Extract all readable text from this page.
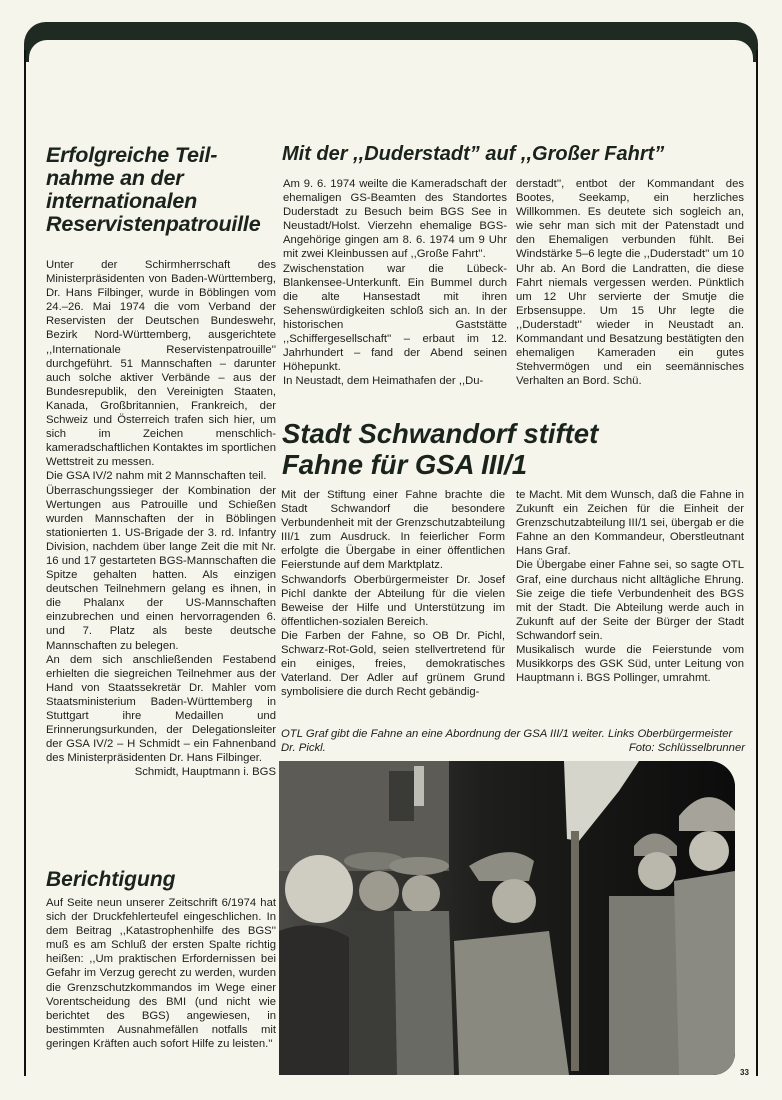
Erfolgreiche Teil-
nahme an der
internationalen
Reservistenpatrouille

Unter der Schirmherrschaft des Ministerpräsidenten von Baden-Württemberg, Dr. Hans Filbinger, wurde in Böblingen vom 24.–26. Mai 1974 die vom Verband der Reservisten der Deutschen Bundeswehr, Bezirk Nord-Württemberg, ausgerichtete ,,Internationale Reservistenpatrouille'' durchgeführt. 51 Mannschaften – darunter auch solche aktiver Verbände – aus der Bundesrepublik, den Vereinigten Staaten, Kanada, Großbritannien, Frankreich, der Schweiz und Österreich trafen sich hier, um sich im Zeichen menschlich-kameradschaftlichen Kontaktes im sportlichen Wettstreit zu messen.

Die GSA IV/2 nahm mit 2 Mannschaften teil.

Überraschungssieger der Kombination der Wertungen aus Patrouille und Schießen wurden Mannschaften der in Böblingen stationierten 1. US-Brigade der 3. rd. Infantry Division, nachdem über lange Zeit die mit Nr. 16 und 17 gestarteten BGS-Mannschaften die Spitze gehalten hatten. Als einzigen deutschen Teilnehmern gelang es ihnen, in die Phalanx der US-Mannschaften einzubrechen und einen hervorragenden 6. und 7. Platz als beste deutsche Mannschaften zu belegen.

An dem sich anschließenden Festabend erhielten die siegreichen Teilnehmer aus der Hand von Staatssekretär Dr. Mahler vom Staatsministerium Baden-Württemberg in Stuttgart ihre Medaillen und Erinnerungsurkunden, der Delegationsleiter der GSA IV/2 – H Schmidt – ein Fahnenband des Ministerpräsidenten Dr. Hans Filbinger.

Schmidt, Hauptmann i. BGS

Berichtigung

Auf Seite neun unserer Zeitschrift 6/1974 hat sich der Druckfehlerteufel eingeschlichen. In dem Beitrag ,,Katastrophenhilfe des BGS'' muß es am Schluß der ersten Spalte richtig heißen: ,,Um praktischen Erfordernissen bei Gefahr im Verzug gerecht zu werden, wurden die Grenzschutzkommandos im Wege einer Vorentscheidung des BMI (und nicht wie berichtet des BGS) angewiesen, in bestimmten Ausnahmefällen notfalls mit geringen Kräften auch sofort Hilfe zu leisten.''

Mit der ,,Duderstadt” auf ,,Großer Fahrt”

Am 9. 6. 1974 weilte die Kameradschaft der ehemaligen GS-Beamten des Standortes Duderstadt zu Besuch beim BGS See in Neustadt/Holst. Vierzehn ehemalige BGS-Angehörige gingen am 8. 6. 1974 um 9 Uhr mit zwei Kleinbussen auf ,,Große Fahrt''.

Zwischenstation war die Lübeck-Blankensee-Unterkunft. Ein Bummel durch die alte Hansestadt mit ihren Sehenswürdigkeiten schloß sich an. In der historischen Gaststätte ,,Schiffergesellschaft'' – erbaut im 12. Jahrhundert – fand der Abend seinen Höhepunkt.

In Neustadt, dem Heimathafen der ,,Du-

derstadt'', entbot der Kommandant des Bootes, Seekamp, ein herzliches Willkommen. Es deutete sich sogleich an, wie sehr man sich mit der Patenstadt und den Ehemaligen verbunden fühlt. Bei Windstärke 5–6 legte die ,,Duderstadt'' um 10 Uhr ab. An Bord die Landratten, die diese Fahrt niemals vergessen werden. Pünktlich um 12 Uhr servierte der Smutje die Erbsensuppe. Um 15 Uhr legte die ,,Duderstadt'' wieder in Neustadt an. Kommandant und Besatzung bestätigten den ehemaligen Kameraden ein gutes Stehvermögen und ein seemännisches Verhalten an Bord. Schü.

Stadt Schwandorf stiftet
Fahne für GSA III/1

Mit der Stiftung einer Fahne brachte die Stadt Schwandorf die besondere Verbundenheit mit der Grenzschutzabteilung III/1 zum Ausdruck. In feierlicher Form erfolgte die Übergabe in einer öffentlichen Feierstunde auf dem Marktplatz.

Schwandorfs Oberbürgermeister Dr. Josef Pichl dankte der Abteilung für die vielen Beweise der Hilfe und Unterstützung im öffentlichen-sozialen Bereich.

Die Farben der Fahne, so OB Dr. Pichl, Schwarz-Rot-Gold, seien stellvertretend für ein einiges, freies, demokratisches Vaterland. Der Adler auf grünem Grund symbolisiere die durch Recht gebändig-

te Macht. Mit dem Wunsch, daß die Fahne in Zukunft ein Zeichen für die Einheit der Grenzschutzabteilung III/1 sei, übergab er die Fahne an den Kommandeur, Oberstleutnant Hans Graf.

Die Übergabe einer Fahne sei, so sagte OTL Graf, eine durchaus nicht alltägliche Ehrung. Sie zeige die tiefe Verbundenheit des BGS mit der Stadt. Die Abteilung werde auch in Zukunft auf der Seite der Bürger der Stadt Schwandorf sein.

Musikalisch wurde die Feierstunde vom Musikkorps des GSK Süd, unter Leitung von Hauptmann i. BGS Pollinger, umrahmt.

OTL Graf gibt die Fahne an eine Abordnung der GSA III/1 weiter. Links Oberbürgermeister Dr. Pickl.	Foto: Schlüsselbrunner
33
